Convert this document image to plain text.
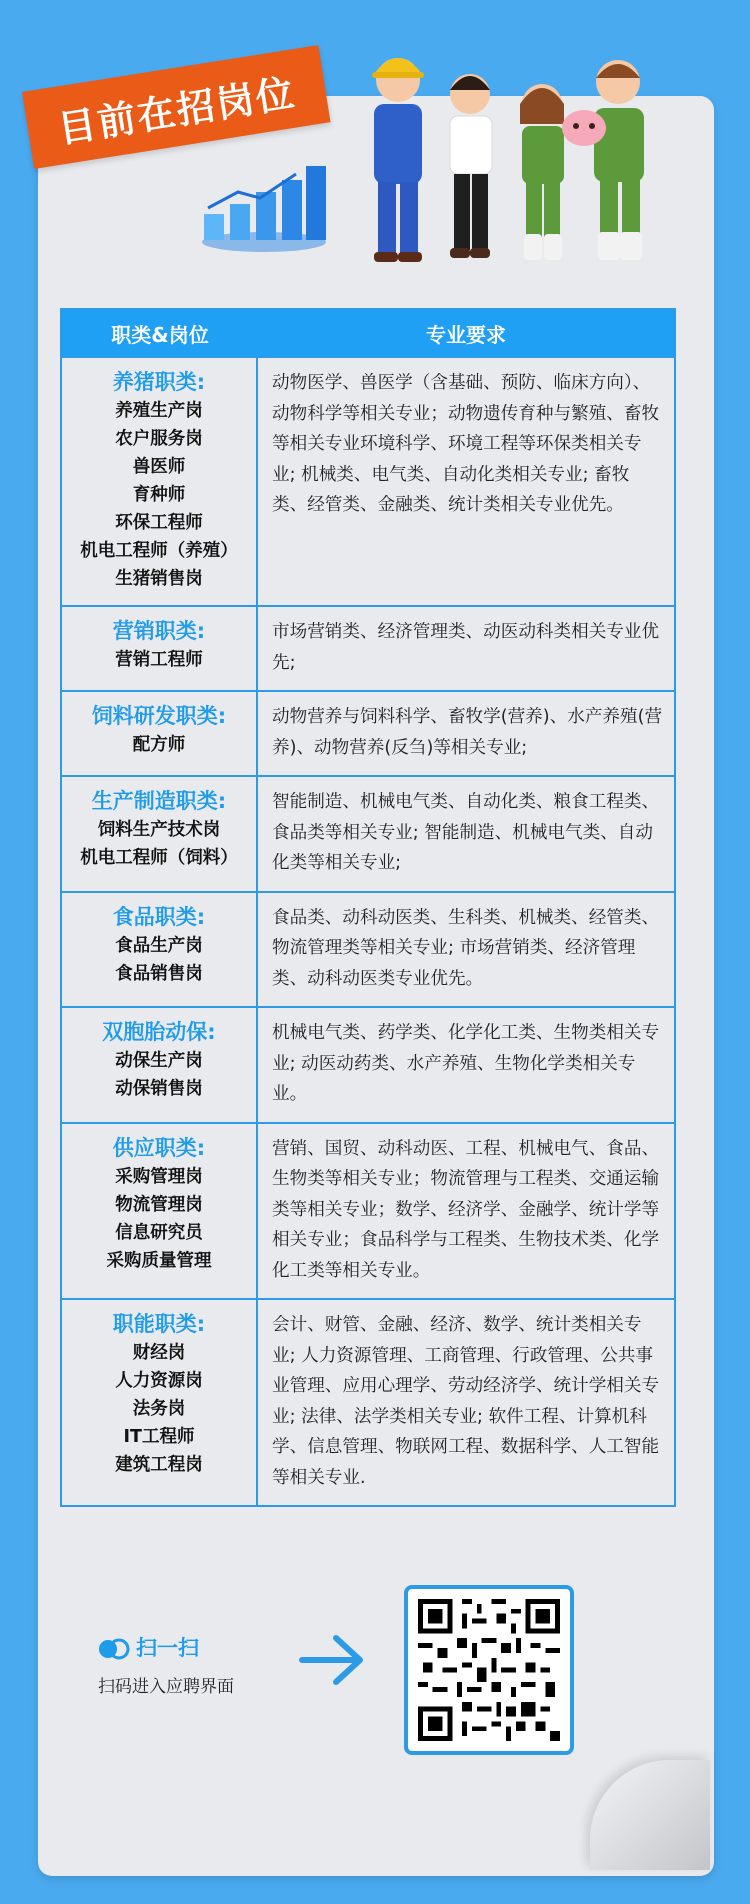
目前在招岗位
职类&岗位	专业要求
养猪职类:
养殖生产岗
农户服务岗
兽医师
育种师
环保工程师
机电工程师（养殖）
生猪销售岗
动物医学、兽医学（含基础、预防、临床方向）、动物科学等相关专业；动物遗传育种与繁殖、畜牧等相关专业环境科学、环境工程等环保类相关专业; 机械类、电气类、自动化类相关专业; 畜牧类、经管类、金融类、统计类相关专业优先。
营销职类:
营销工程师
市场营销类、经济管理类、动医动科类相关专业优先;
饲料研发职类:
配方师
动物营养与饲料科学、畜牧学(营养)、水产养殖(营养)、动物营养(反刍)等相关专业;
生产制造职类:
饲料生产技术岗
机电工程师（饲料）
智能制造、机械电气类、自动化类、粮食工程类、食品类等相关专业; 智能制造、机械电气类、自动化类等相关专业;
食品职类:
食品生产岗
食品销售岗
食品类、动科动医类、生科类、机械类、经管类、物流管理类等相关专业; 市场营销类、经济管理类、动科动医类专业优先。
双胞胎动保:
动保生产岗
动保销售岗
机械电气类、药学类、化学化工类、生物类相关专业; 动医动药类、水产养殖、生物化学类相关专业。
供应职类:
采购管理岗
物流管理岗
信息研究员
采购质量管理
营销、国贸、动科动医、工程、机械电气、食品、生物类等相关专业；物流管理与工程类、交通运输类等相关专业；数学、经济学、金融学、统计学等相关专业；食品科学与工程类、生物技术类、化学化工类等相关专业。
职能职类:
财经岗
人力资源岗
法务岗
IT工程师
建筑工程岗
会计、财管、金融、经济、数学、统计类相关专业; 人力资源管理、工商管理、行政管理、公共事业管理、应用心理学、劳动经济学、统计学相关专业; 法律、法学类相关专业; 软件工程、计算机科学、信息管理、物联网工程、数据科学、人工智能等相关专业.
扫一扫
扫码进入应聘界面
